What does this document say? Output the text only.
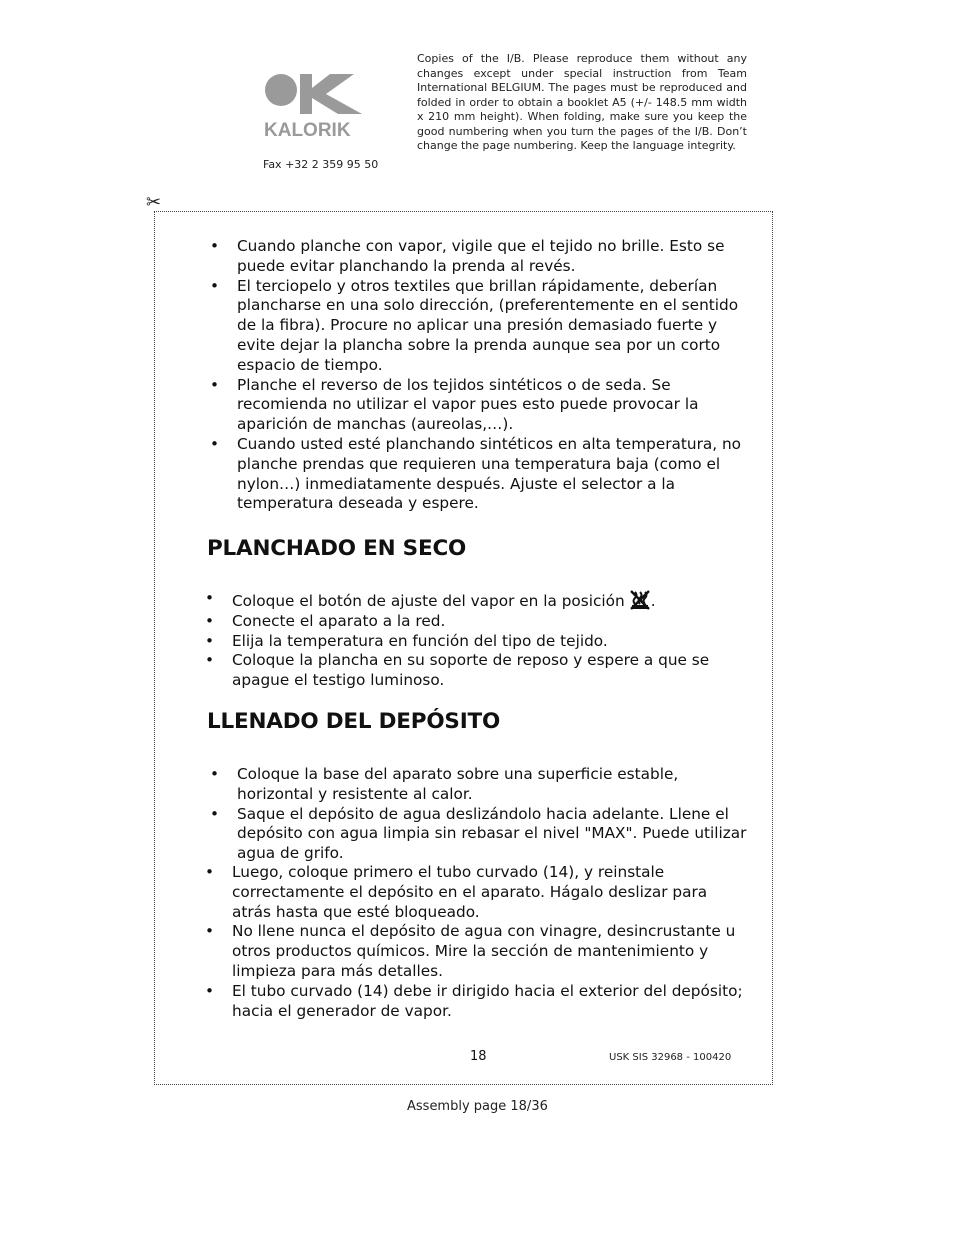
KALORIK
Fax +32 2 359 95 50
Copies of the I/B. Please reproduce them without any changes except under special instruction from Team International BELGIUM. The pages must be reproduced and folded in order to obtain a booklet A5 (+/- 148.5 mm width x 210 mm height). When folding, make sure you keep the good numbering when you turn the pages of the I/B. Don’t change the page numbering. Keep the language integrity.
✂
• Cuando planche con vapor, vigile que el tejido no brille. Esto se puede evitar planchando la prenda al revés.
• El terciopelo y otros textiles que brillan rápidamente, deberían plancharse en una solo dirección, (preferentemente en el sentido de la fibra). Procure no aplicar una presión demasiado fuerte y evite dejar la plancha sobre la prenda aunque sea por un corto espacio de tiempo.
• Planche el reverso de los tejidos sintéticos o de seda. Se recomienda no utilizar el vapor pues esto puede provocar la aparición de manchas (aureolas,…).
• Cuando usted esté planchando sintéticos en alta temperatura, no planche prendas que requieren una temperatura baja (como el nylon…) inmediatamente después. Ajuste el selector a la temperatura deseada y espere.
PLANCHADO EN SECO
• Coloque el botón de ajuste del vapor en la posición .
• Conecte el aparato a la red.
• Elija la temperatura en función del tipo de tejido.
• Coloque la plancha en su soporte de reposo y espere a que se apague el testigo luminoso.
LLENADO DEL DEPÓSITO
• Coloque la base del aparato sobre una superficie estable, horizontal y resistente al calor.
• Saque el depósito de agua deslizándolo hacia adelante. Llene el depósito con agua limpia sin rebasar el nivel "MAX". Puede utilizar agua de grifo.
• Luego, coloque primero el tubo curvado (14), y reinstale correctamente el depósito en el aparato. Hágalo deslizar para atrás hasta que esté bloqueado.
• No llene nunca el depósito de agua con vinagre, desincrustante u otros productos químicos. Mire la sección de mantenimiento y limpieza para más detalles.
• El tubo curvado (14) debe ir dirigido hacia el exterior del depósito; hacia el generador de vapor.
18	USK SIS 32968 - 100420
Assembly page 18/36
